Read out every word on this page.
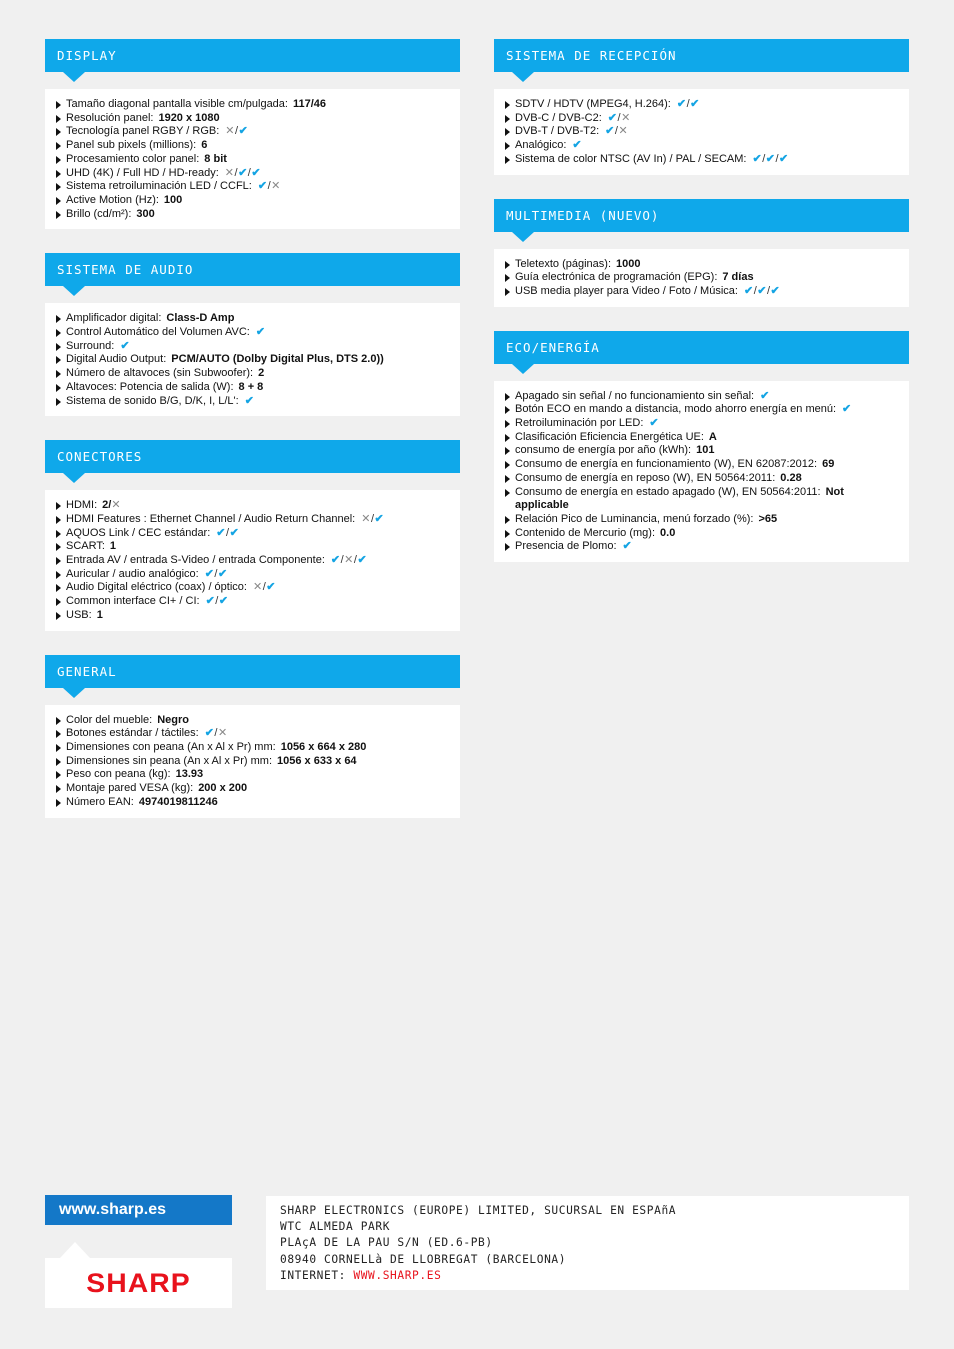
DISPLAY
Tamaño diagonal pantalla visible cm/pulgada: 117/46
Resolución panel: 1920 x 1080
Tecnología panel RGBY / RGB: ✕/✔
Panel sub pixels (millions): 6
Procesamiento color panel: 8 bit
UHD (4K) / Full HD / HD-ready: ✕/✔/✔
Sistema retroiluminación LED / CCFL: ✔/✕
Active Motion (Hz): 100
Brillo (cd/m²): 300
SISTEMA DE AUDIO
Amplificador digital: Class-D Amp
Control Automático del Volumen AVC: ✔
Surround: ✔
Digital Audio Output: PCM/AUTO (Dolby Digital Plus, DTS 2.0))
Número de altavoces (sin Subwoofer): 2
Altavoces: Potencia de salida (W): 8 + 8
Sistema de sonido B/G, D/K, I, L/L': ✔
CONECTORES
HDMI: 2/✕
HDMI Features : Ethernet Channel / Audio Return Channel: ✕/✔
AQUOS Link / CEC estándar: ✔/✔
SCART: 1
Entrada AV / entrada S-Video / entrada Componente: ✔/✕/✔
Auricular / audio analógico: ✔/✔
Audio Digital eléctrico (coax) / óptico: ✕/✔
Common interface CI+ / CI: ✔/✔
USB: 1
GENERAL
Color del mueble: Negro
Botones estándar / táctiles: ✔/✕
Dimensiones con peana (An x Al x Pr) mm: 1056 x 664 x 280
Dimensiones sin peana (An x Al x Pr) mm: 1056 x 633 x 64
Peso con peana (kg): 13.93
Montaje pared VESA (kg): 200 x 200
Número EAN: 4974019811246
SISTEMA DE RECEPCIÓN
SDTV / HDTV (MPEG4, H.264): ✔/✔
DVB-C / DVB-C2: ✔/✕
DVB-T / DVB-T2: ✔/✕
Analógico: ✔
Sistema de color NTSC (AV In) / PAL / SECAM: ✔/✔/✔
MULTIMEDIA (NUEVO)
Teletexto (páginas): 1000
Guía electrónica de programación (EPG): 7 días
USB media player para Video / Foto / Música: ✔/✔/✔
ECO/ENERGÍA
Apagado sin señal / no funcionamiento sin señal: ✔
Botón ECO en mando a distancia, modo ahorro energía en menú: ✔
Retroiluminación por LED: ✔
Clasificación Eficiencia Energética UE: A
consumo de energía por año (kWh): 101
Consumo de energía en funcionamiento (W), EN 62087:2012: 69
Consumo de energía en reposo (W), EN 50564:2011: 0.28
Consumo de energía en estado apagado (W), EN 50564:2011: Not applicable
Relación Pico de Luminancia, menú forzado (%): >65
Contenido de Mercurio (mg): 0.0
Presencia de Plomo: ✔
www.sharp.es
SHARP
SHARP ELECTRONICS (EUROPE) LIMITED, SUCURSAL EN ESPAñA
WTC ALMEDA PARK
PLAçA DE LA PAU S/N (ED.6-PB)
08940 CORNELLà DE LLOBREGAT (BARCELONA)
INTERNET: WWW.SHARP.ES
